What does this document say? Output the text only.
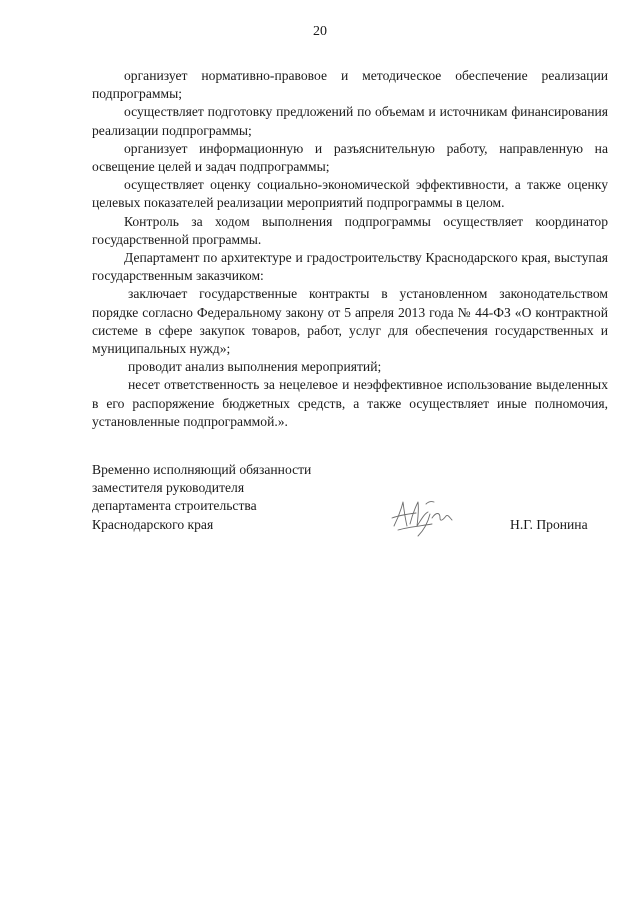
20

организует нормативно-правовое и методическое обеспечение реализации подпрограммы;

осуществляет подготовку предложений по объемам и источникам финансирования реализации подпрограммы;

организует информационную и разъяснительную работу, направленную на освещение целей и задач подпрограммы;

осуществляет оценку социально-экономической эффективности, а также оценку целевых показателей реализации мероприятий подпрограммы в целом.

Контроль за ходом выполнения подпрограммы осуществляет координатор государственной программы.

Департамент по архитектуре и градостроительству Краснодарского края, выступая государственным заказчиком:

заключает государственные контракты в установленном законодательством порядке согласно Федеральному закону от 5 апреля 2013 года № 44-ФЗ «О контрактной системе в сфере закупок товаров, работ, услуг для обеспечения государственных и муниципальных нужд»;

проводит анализ выполнения мероприятий;

несет ответственность за нецелевое и неэффективное использование выделенных в его распоряжение бюджетных средств, а также осуществляет иные полномочия, установленные подпрограммой.».

Временно исполняющий обязанности
заместителя руководителя
департамента строительства
Краснодарского края	Н.Г. Пронина
